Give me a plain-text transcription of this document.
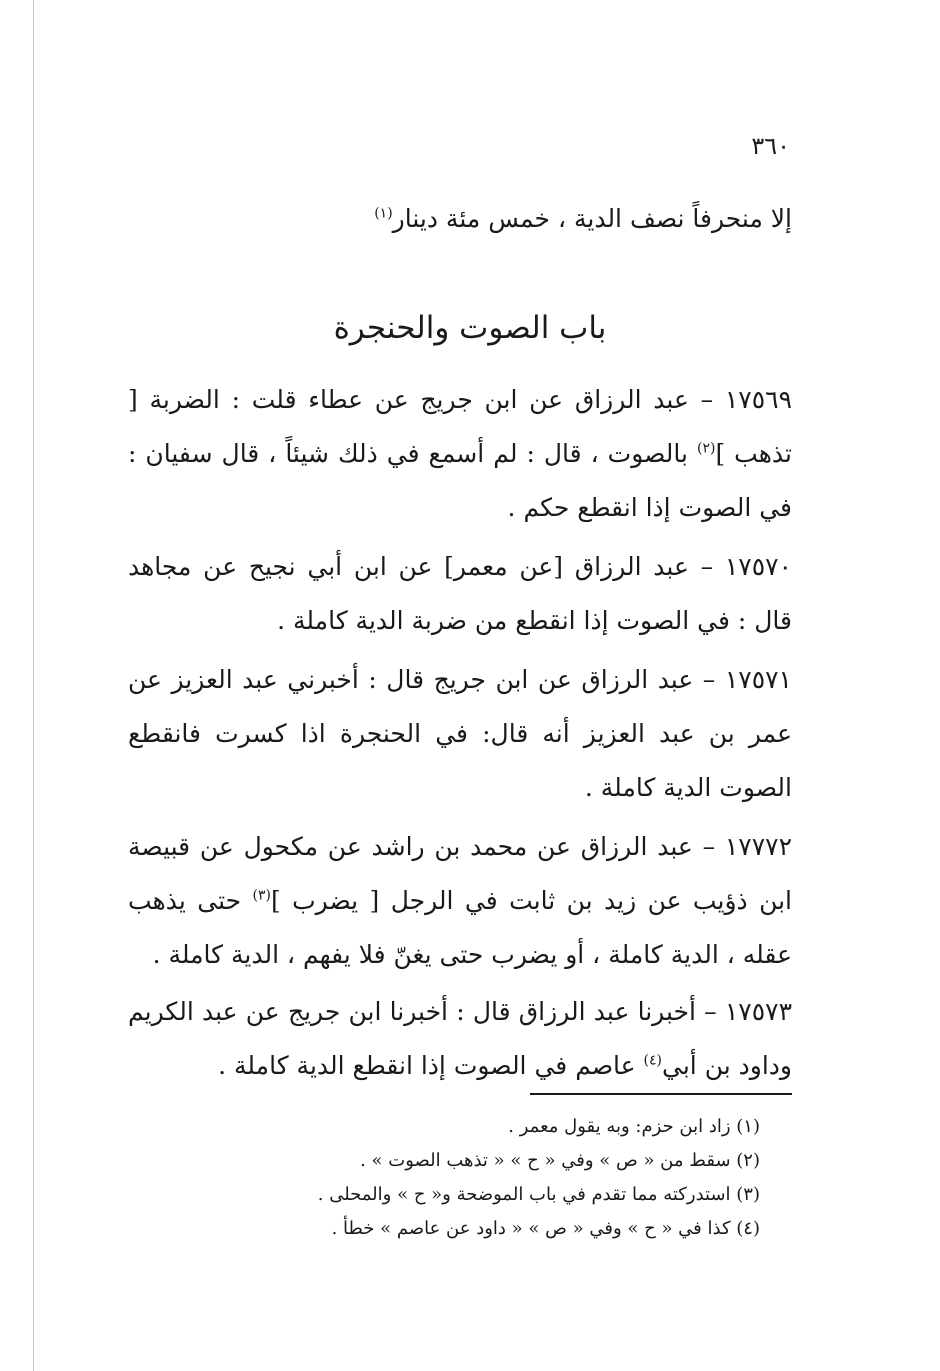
٣٦٠

إلا منحرفاً نصف الدية ، خمس مئة دينار$^{(١)}$

باب الصوت والحنجرة

١٧٥٦٩ – عبد الرزاق عن ابن جريج عن عطاء قلت : الضربة [ تذهب ]$^{(٢)}$ بالصوت ، قال : لم أسمع في ذلك شيئاً ، قال سفيان : في الصوت إذا انقطع حكم .

١٧٥٧٠ – عبد الرزاق [عن معمر] عن ابن أبي نجيح عن مجاهد قال : في الصوت إذا انقطع من ضربة الدية كاملة .

١٧٥٧١ – عبد الرزاق عن ابن جريج قال : أخبرني عبد العزيز عن عمر بن عبد العزيز أنه قال: في الحنجرة اذا كسرت فانقطع الصوت الدية كاملة .

١٧٧٧٢ – عبد الرزاق عن محمد بن راشد عن مكحول عن قبيصة ابن ذؤيب عن زيد بن ثابت في الرجل [ يضرب ]$^{(٣)}$ حتى يذهب عقله ، الدية كاملة ، أو يضرب حتى يغنّ فلا يفهم ، الدية كاملة .

١٧٥٧٣ – أخبرنا عبد الرزاق قال : أخبرنا ابن جريج عن عبد الكريم وداود بن أبي$^{(٤)}$ عاصم في الصوت إذا انقطع الدية كاملة .

(١) زاد ابن حزم: وبه يقول معمر .
(٢) سقط من « ص » وفي « ح » « تذهب الصوت » .
(٣) استدركته مما تقدم في باب الموضحة و« ح » والمحلى .
(٤) كذا في « ح » وفي « ص » « داود عن عاصم » خطأ .
